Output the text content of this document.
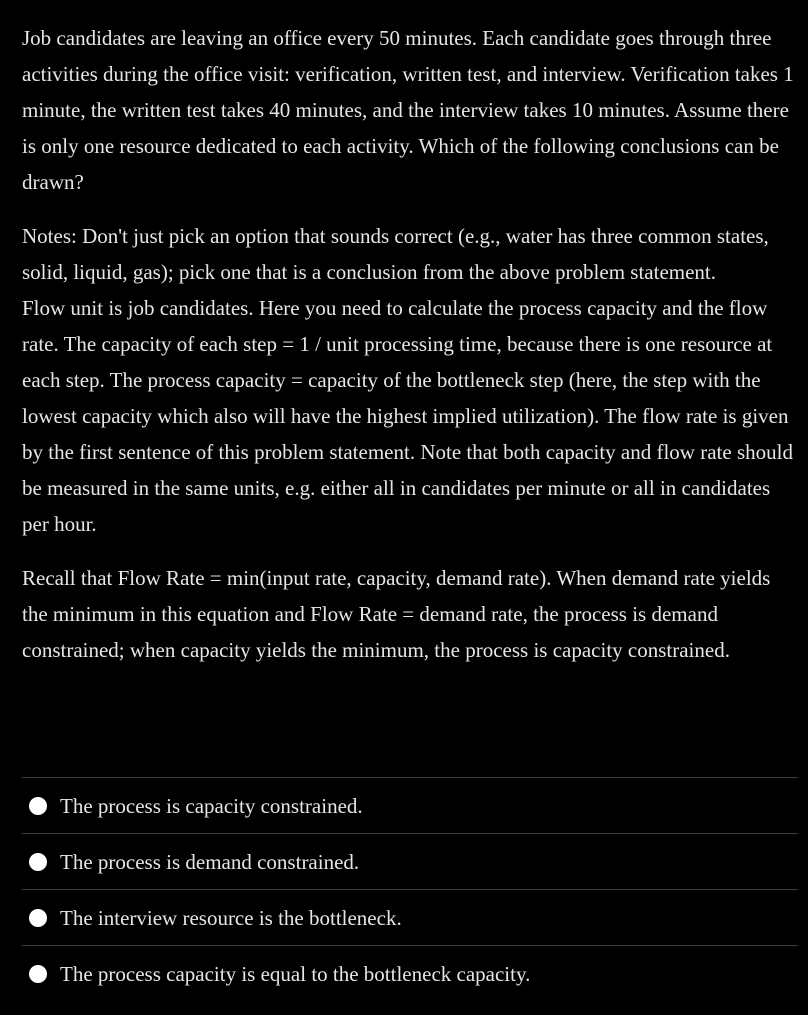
Job candidates are leaving an office every 50 minutes. Each candidate goes through three activities during the office visit: verification, written test, and interview. Verification takes 1 minute, the written test takes 40 minutes, and the interview takes 10 minutes. Assume there is only one resource dedicated to each activity. Which of the following conclusions can be drawn?

Notes: Don't just pick an option that sounds correct (e.g., water has three common states, solid, liquid, gas); pick one that is a conclusion from the above problem statement.

Flow unit is job candidates. Here you need to calculate the process capacity and the flow rate. The capacity of each step = 1 / unit processing time, because there is one resource at each step. The process capacity = capacity of the bottleneck step (here, the step with the lowest capacity which also will have the highest implied utilization). The flow rate is given by the first sentence of this problem statement. Note that both capacity and flow rate should be measured in the same units, e.g. either all in candidates per minute or all in candidates per hour.

Recall that Flow Rate = min(input rate, capacity, demand rate). When demand rate yields the minimum in this equation and Flow Rate = demand rate, the process is demand constrained; when capacity yields the minimum, the process is capacity constrained.

The process is capacity constrained.
The process is demand constrained.
The interview resource is the bottleneck.
The process capacity is equal to the bottleneck capacity.
